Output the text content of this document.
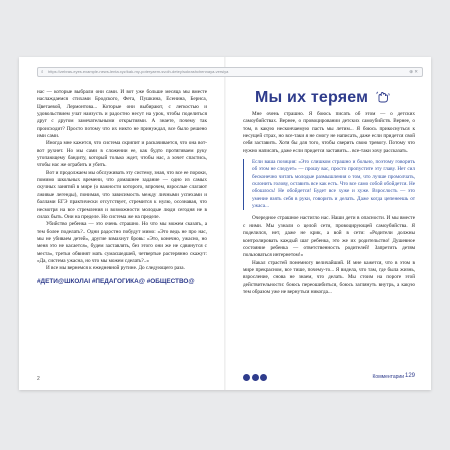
⌕ https://zebras-eyes.example-news-lenta.xyz/kak-my-poteryaem-svoih-detey/sokrashchennaya-versiya	⊕ ✕

нас — которые выбрали они сами. И вот уже больше месяца мы вместе наслаждаемся стихами Бродского, Фета, Пушкина, Есенина, Бернса, Цветаевой, Лермонтова... Которые они выбирают, с легкостью и удовольствием учат наизусть и радостно несут на урок, чтобы поделиться друг с другом замечательными открытиями. А знаете, почему так происходит? Просто потому что их никто не принуждал, все было решено ими сами.

Иногда мне кажется, что система скрипит и раскачивается, что она вот-вот рухнет. Но мы сами в сложении ее, как будто протягиваем руку утопающему бандиту, который только ждет, чтобы нас, а хочет спастись, чтобы нас же ограбить и убить.

Вот и продолжаем мы обслуживать эту систему, зная, что все ее пороки, помимо школьных времени, что домашнее задание — одно из самых скучных занятий в мире (о важности которого, впрочем, взрослые слагают лживые легенды), понимая, что зависимость между личными успехами и баллами ЕГЭ практически отсутствует, стремится к нулю, осознавая, что несмотря на все стремления и возможности молодые люди сегодня не в силах быть. Они на пределе. Но система же на пределе.

Убийство ребенка — это очень страшно. Но что мы можем сказать, а тем более поделать?.. Одни радостно побудут мимо: «Это ведь не про нас, мы не убиваем детей», другие взмахнут бровь: «Это, конечно, ужасно, но меня это не касается», будем заставлять, без этого они же не сдвинутся с места», третьи обвинят мать сумасшедшей, четвертые растерянно скажут: «Да, система ужасна, но что мы можем сделать?..»

И все мы вернемся к ежедневной рутине. До следующего раза.

#ДЕТИ@ШКОЛАI #ПЕДАГОГИКА@ #ОБЩЕСТВО@
2
Мы их теряем

Мне очень страшно. Я боюсь писать об этом — о детских самоубийствах. Вернее, о провоцировании детских самоубийств. Вернее, о том, в какую нескончаемую пасть мы летим... Я боюсь прикоснуться к несущей страх, но все-таки я не смогу не написать, даже если придется свой себя заставить. Хотя бы для того, чтобы сверить свою тревогу. Потому что нужно написать, даже если придется заставить... все-таки хочу рассказать.

Если ваша позиция: «Это слишком страшно и больно, поэтому говорить об этом не следует» — прошу вас, просто пропустите эту главу. Нет сил бесконечно читать молодые размышления о том, что лучше промолчать, склонить голову, оставить все как есть. Что все само собой обойдется. Не обошлось! Не обойдется! Будет все хуже и хуже. Взрослость — это умение взять себя в руки, говорить и делать. Даже когда цепенеешь от ужаса...

Очередное страшное настигло нас. Наши дети в опасности. И мы вместе с ними. Мы узнали о целой сети, провоцирующей самоубийства. Я поделился, нет, даже не крик, а вой в сети: «Родители должны контролировать каждый шаг ребенка, это же их родительство! Душевное состояние ребенка — ответственность родителей! Запретить детям пользоваться интернетом!»

Накал страстей понемногу величайший. И мне кажется, что в этом в мире прекрасном, все тише, почему-то... Я видела, что там, где была жизнь, взросление, снова не знаем, что делать. Мы стоим на пороге этой действительности: боюсь переошибиться, боюсь заглянуть внутрь, а какую тем образом уже не вернуться никогда...

Комментарии 129
